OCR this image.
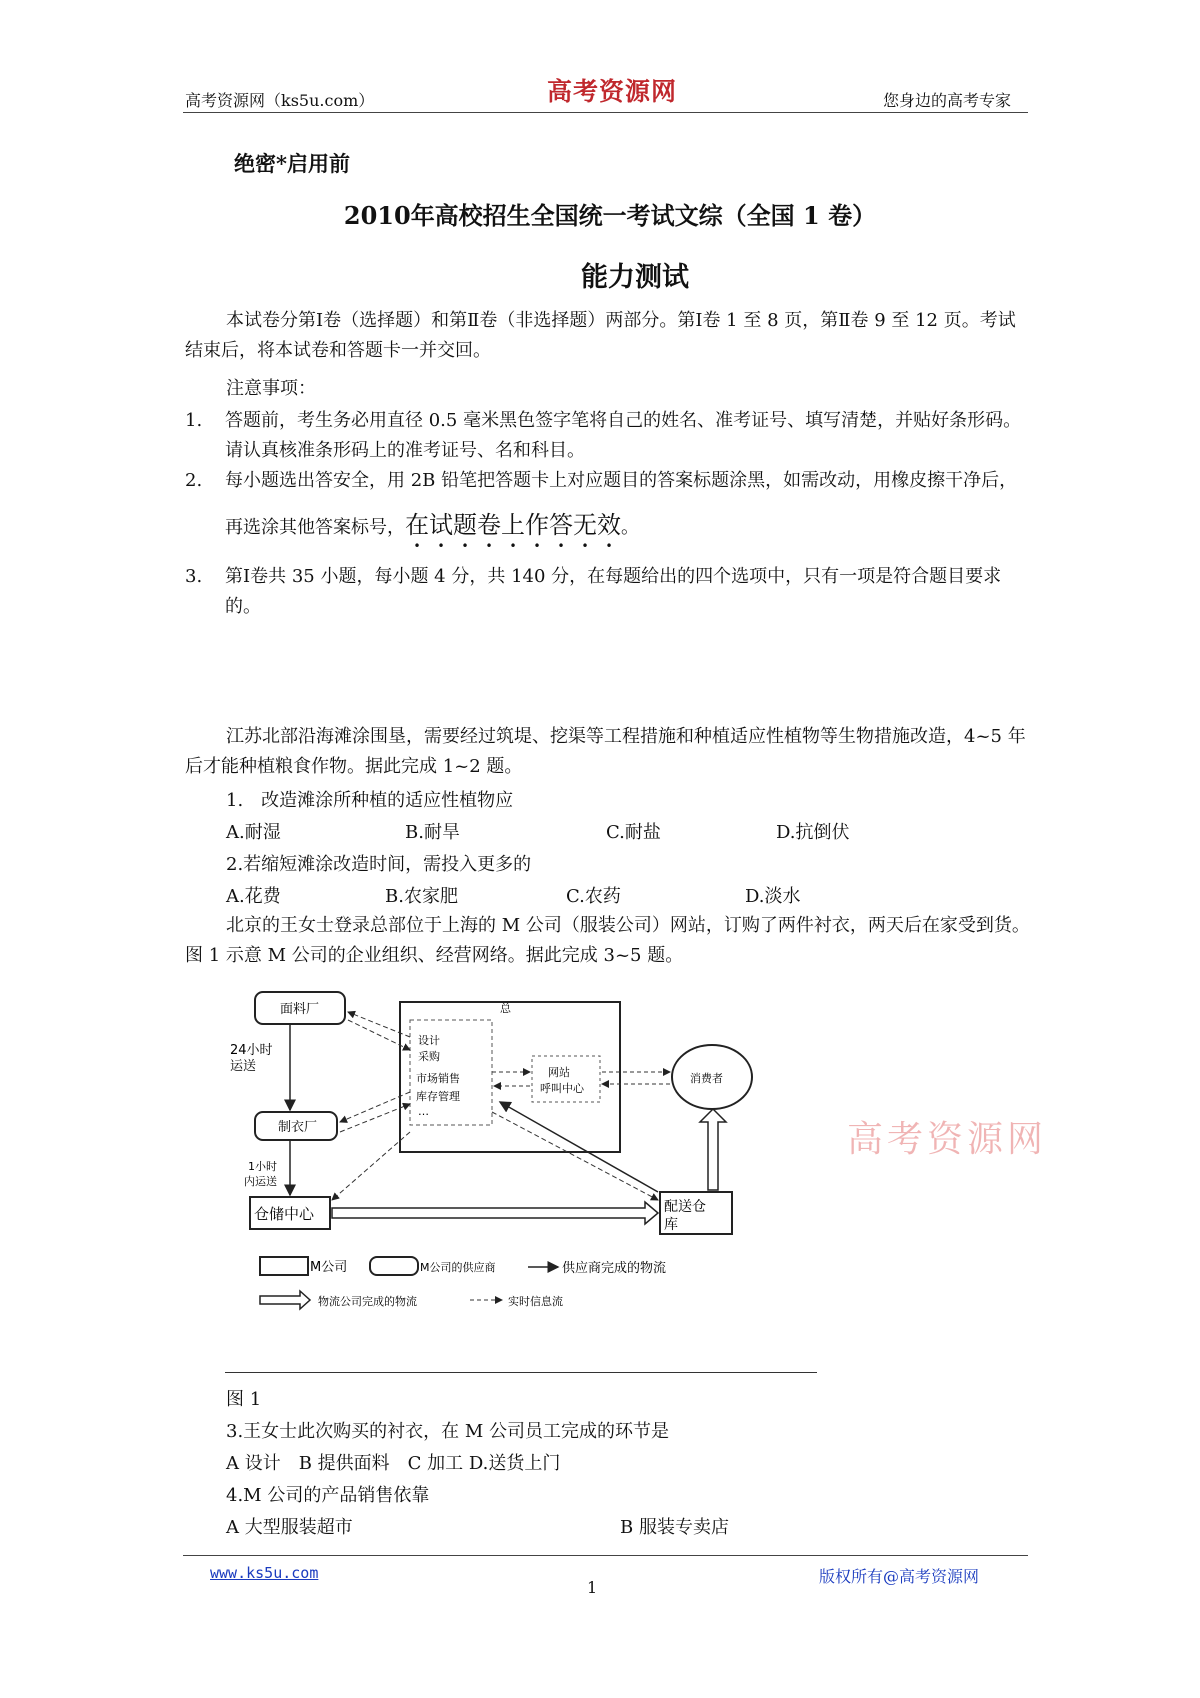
高考资源网（ks5u.com）	高考资源网	您身边的高考专家
绝密*启用前
2010年高校招生全国统一考试文综（全国 1 卷）
能力测试
本试卷分第Ⅰ卷（选择题）和第Ⅱ卷（非选择题）两部分。第Ⅰ卷 1 至 8 页，第Ⅱ卷 9 至 12 页。考试结束后，将本试卷和答题卡一并交回。
注意事项：
1. 答题前，考生务必用直径 0.5 毫米黑色签字笔将自己的姓名、准考证号、填写清楚，并贴好条形码。请认真核准条形码上的准考证号、名和科目。
2. 每小题选出答安全，用 2B 铅笔把答题卡上对应题目的答案标题涂黑，如需改动，用橡皮擦干净后，再选涂其他答案标号，在试题卷上作答无效。
3. 第Ⅰ卷共 35 小题，每小题 4 分，共 140 分，在每题给出的四个选项中，只有一项是符合题目要求的。
江苏北部沿海滩涂围垦，需要经过筑堤、挖渠等工程措施和种植适应性植物等生物措施改造，4~5 年后才能种植粮食作物。据此完成 1~2 题。
1.　改造滩涂所种植的适应性植物应
A.耐湿	B.耐旱	C.耐盐	D.抗倒伏
2.若缩短滩涂改造时间，需投入更多的
A.花费	B.农家肥	C.农药	D.淡水
北京的王女士登录总部位于上海的 M 公司（服装公司）网站，订购了两件衬衣，两天后在家受到货。图 1 示意 M 公司的企业组织、经营网络。据此完成 3~5 题。
面料厂	总
设计
采购
市场销售
库存管理
…
网站
呼叫中心
消费者
24小时
运送
制衣厂
1小时
内运送
仓储中心	配送仓
库
M公司	M公司的供应商	供应商完成的物流
物流公司完成的物流	实时信息流
高考资源网
图 1
3.王女士此次购买的衬衣，在 M 公司员工完成的环节是
A 设计　B 提供面料　C 加工 D.送货上门
4.M 公司的产品销售依靠
A 大型服装超市	B 服装专卖店
www.ks5u.com
1
版权所有@高考资源网
